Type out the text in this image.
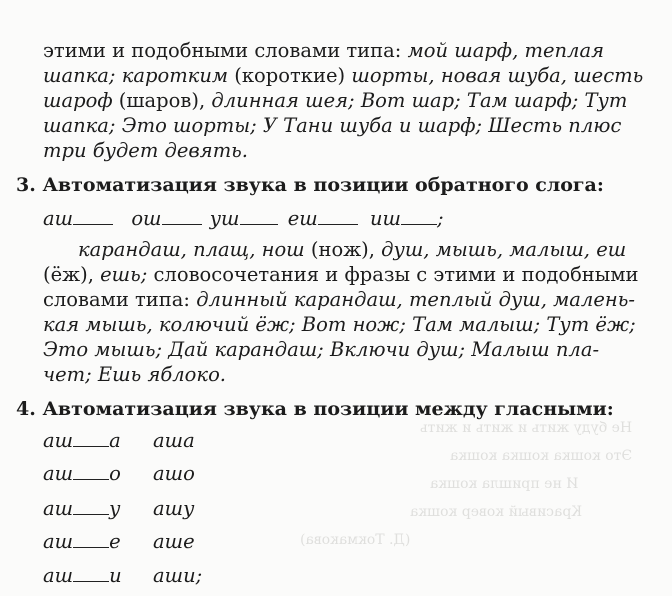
Не буду жить и жить и жить
Это кошка кошка кошка
И не пришла кошка
Красивый ковер кошка
(Д. Токмакова)
этими и подобными словами типа: мой шарф, теплая
шапка; каротким (короткие) шорты, новая шуба, шесть
шароф (шаров), длинная шея; Вот шар; Там шарф; Тут
шапка; Это шорты; У Тани шуба и шарф; Шесть плюс
три будет девять.
3. Автоматизация звука в позиции обратного слога:
аш	ош уш еш	иш ;
карандаш, плащ, нош (нож), душ, мышь, малыш, еш
(ёж), ешь; словосочетания и фразы с этими и подобными
словами типа: длинный карандаш, теплый душ, малень-
кая мышь, колючий ёж; Вот нож; Там малыш; Тут ёж;
Это мышь; Дай карандаш; Включи душ; Малыш пла-
чет; Ешь яблоко.
4. Автоматизация звука в позиции между гласными:
аш а аша
аш о ашо
аш у ашу
аш е аше
аш и аши;
